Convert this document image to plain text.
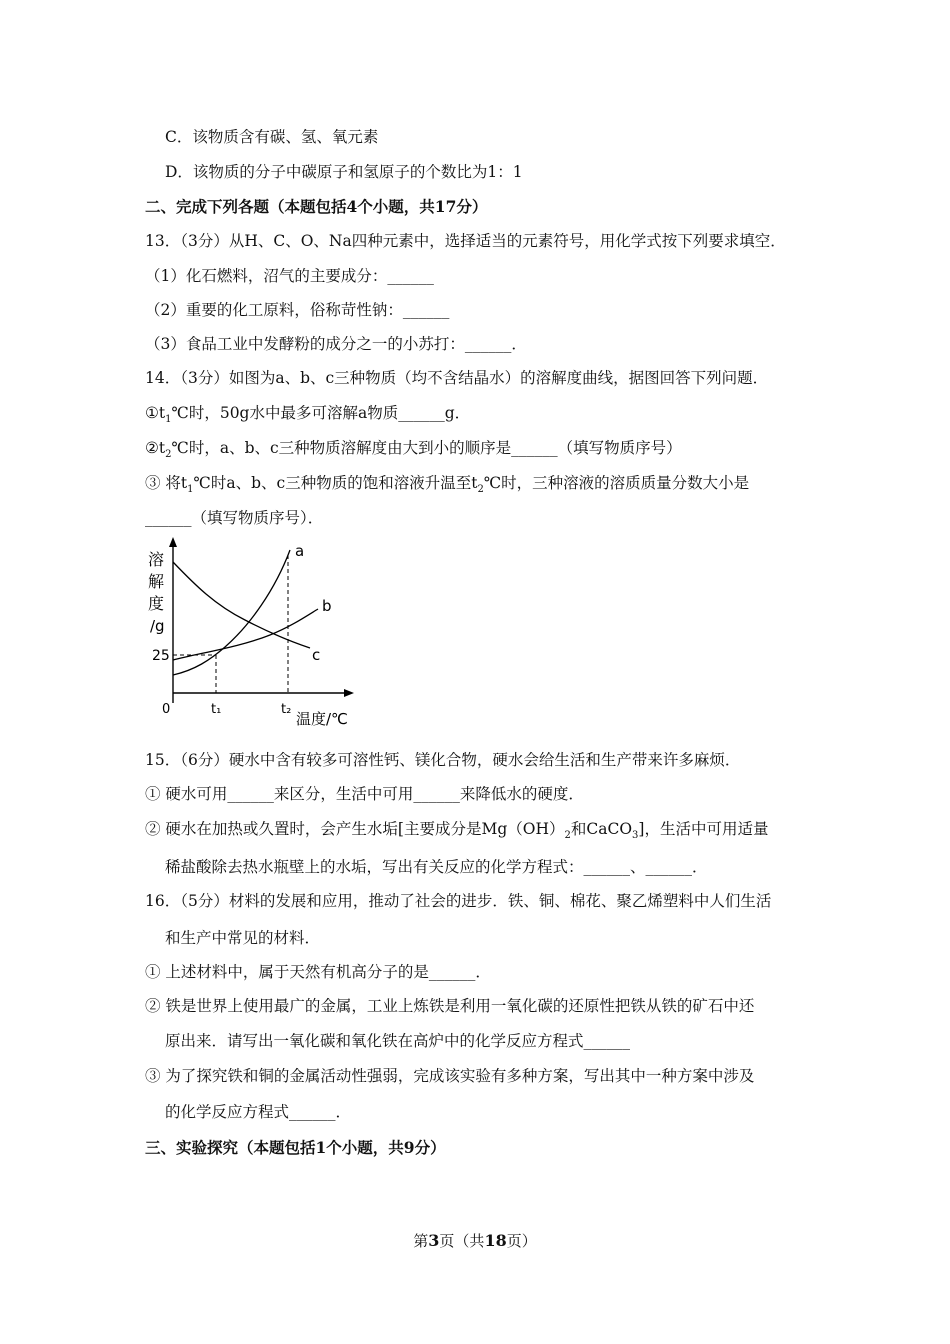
C．该物质含有碳、氢、氧元素
D．该物质的分子中碳原子和氢原子的个数比为1：1
二、完成下列各题（本题包括4个小题，共17分）
13．（3分）从H、C、O、Na四种元素中，选择适当的元素符号，用化学式按下列要求填空．
（1）化石燃料，沼气的主要成分：______
（2）重要的化工原料，俗称苛性钠：______
（3）食品工业中发酵粉的成分之一的小苏打：______．
14．（3分）如图为a、b、c三种物质（均不含结晶水）的溶解度曲线，据图回答下列问题．
$①t_1℃$时，50g水中最多可溶解a物质______g．
$②t_2℃$时，a、b、c三种物质溶解度由大到小的顺序是______（填写物质序号）
③ 将$t_1℃$时a、b、c三种物质的饱和溶液升温至$t_2℃$时，三种溶液的溶质质量分数大小是
______（填写物质序号）．
溶
解
度
/g
25
0	t₁	t₂
温度/℃
a
b
c
15．（6分）硬水中含有较多可溶性钙、镁化合物，硬水会给生活和生产带来许多麻烦．
① 硬水可用______来区分，生活中可用______来降低水的硬度．
② 硬水在加热或久置时，会产生水垢[主要成分是$Mg(OH)_2$和CaCO$_3$]，生活中可用适量
稀盐酸除去热水瓶壁上的水垢，写出有关反应的化学方程式：______、______．
16．（5分）材料的发展和应用，推动了社会的进步．铁、铜、棉花、聚乙烯塑料中人们生活
和生产中常见的材料．
① 上述材料中，属于天然有机高分子的是______．
② 铁是世界上使用最广的金属，工业上炼铁是利用一氧化碳的还原性把铁从铁的矿石中还
原出来．请写出一氧化碳和氧化铁在高炉中的化学反应方程式______
③ 为了探究铁和铜的金属活动性强弱，完成该实验有多种方案，写出其中一种方案中涉及
的化学反应方程式______．
三、实验探究（本题包括1个小题，共9分）
第3页（共18页）
